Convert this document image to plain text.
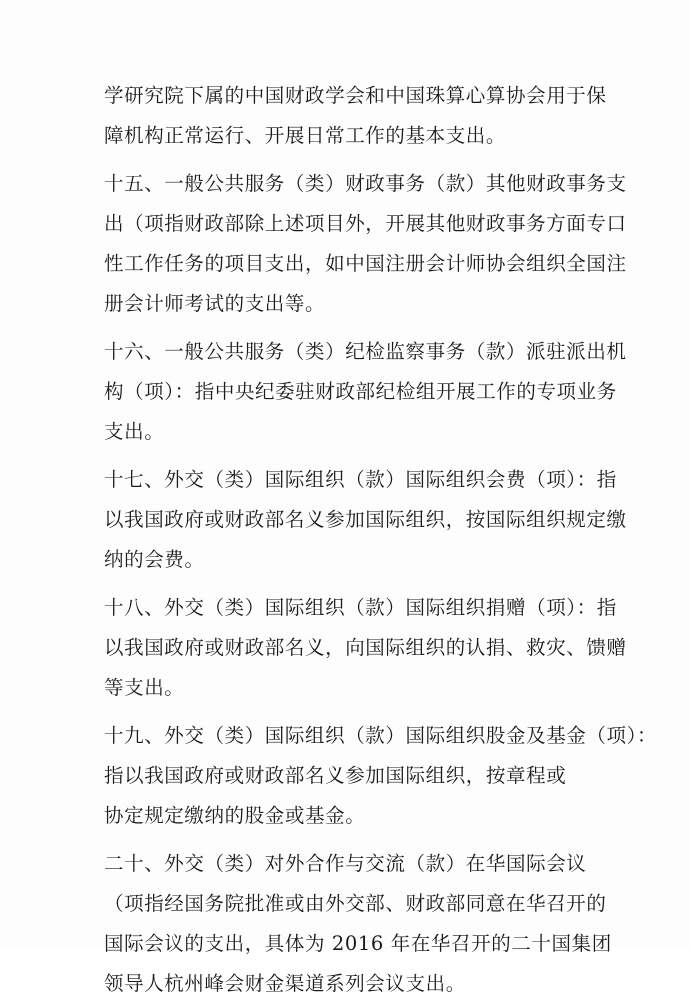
学研究院下属的中国财政学会和中国珠算心算协会用于保
障机构正常运行、开展日常工作的基本支出。
十五、一般公共服务（类）财政事务（款）其他财政事务支
出（项指财政部除上述项目外，开展其他财政事务方面专口
性工作任务的项目支出，如中国注册会计师协会组织全国注
册会计师考试的支出等。
十六、一般公共服务（类）纪检监察事务（款）派驻派出机
构（项）：指中央纪委驻财政部纪检组开展工作的专项业务
支出。
十七、外交（类）国际组织（款）国际组织会费（项）：指
以我国政府或财政部名义参加国际组织，按国际组织规定缴
纳的会费。
十八、外交（类）国际组织（款）国际组织捐赠（项）：指
以我国政府或财政部名义，向国际组织的认捐、救灾、馈赠
等支出。
十九、外交（类）国际组织（款）国际组织股金及基金（项）：
指以我国政府或财政部名义参加国际组织，按章程或
协定规定缴纳的股金或基金。
二十、外交（类）对外合作与交流（款）在华国际会议
（项指经国务院批准或由外交部、财政部同意在华召开的
国际会议的支出，具体为 2016 年在华召开的二十国集团
领导人杭州峰会财金渠道系列会议支出。
